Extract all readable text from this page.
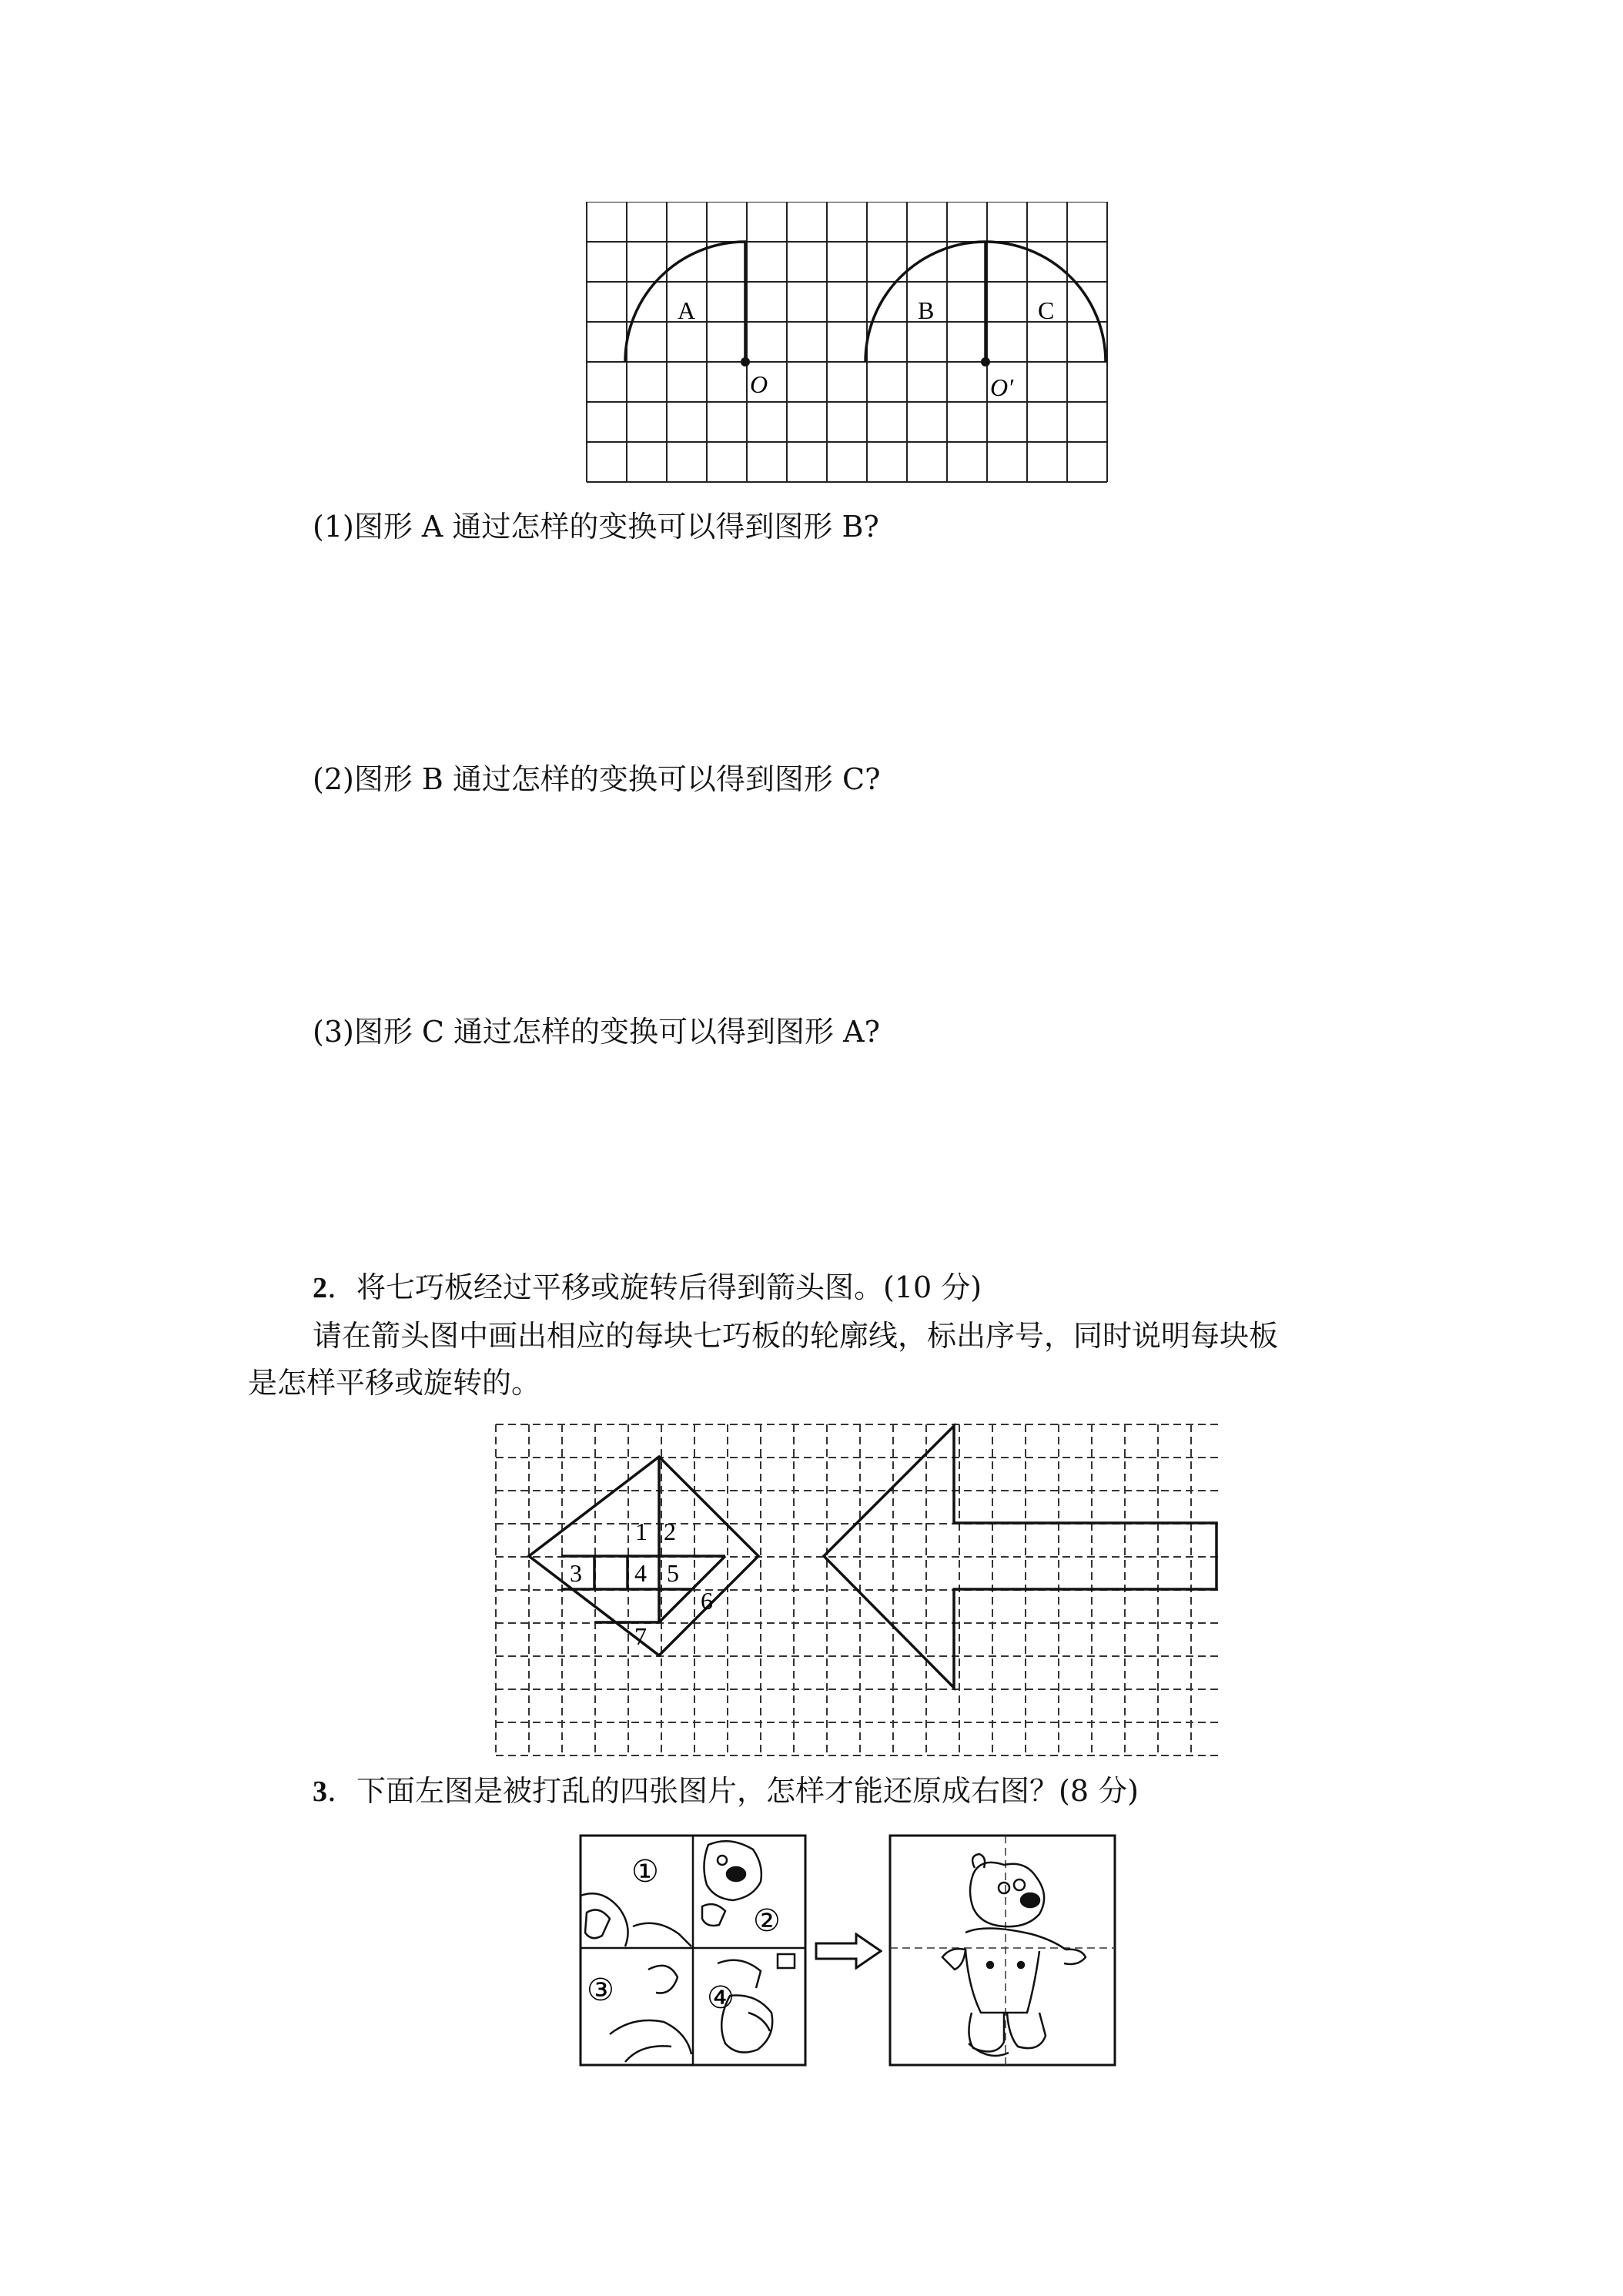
A	B	C
O	O′
(1)图形 A 通过怎样的变换可以得到图形 B?
(2)图形 B 通过怎样的变换可以得到图形 C?
(3)图形 C 通过怎样的变换可以得到图形 A?
2．将七巧板经过平移或旋转后得到箭头图。(10 分)
请在箭头图中画出相应的每块七巧板的轮廓线，标出序号，同时说明每块板
是怎样平移或旋转的。
1 2
3 4 5
6
7
3．下面左图是被打乱的四张图片，怎样才能还原成右图？(8 分)
①
②
③	④
